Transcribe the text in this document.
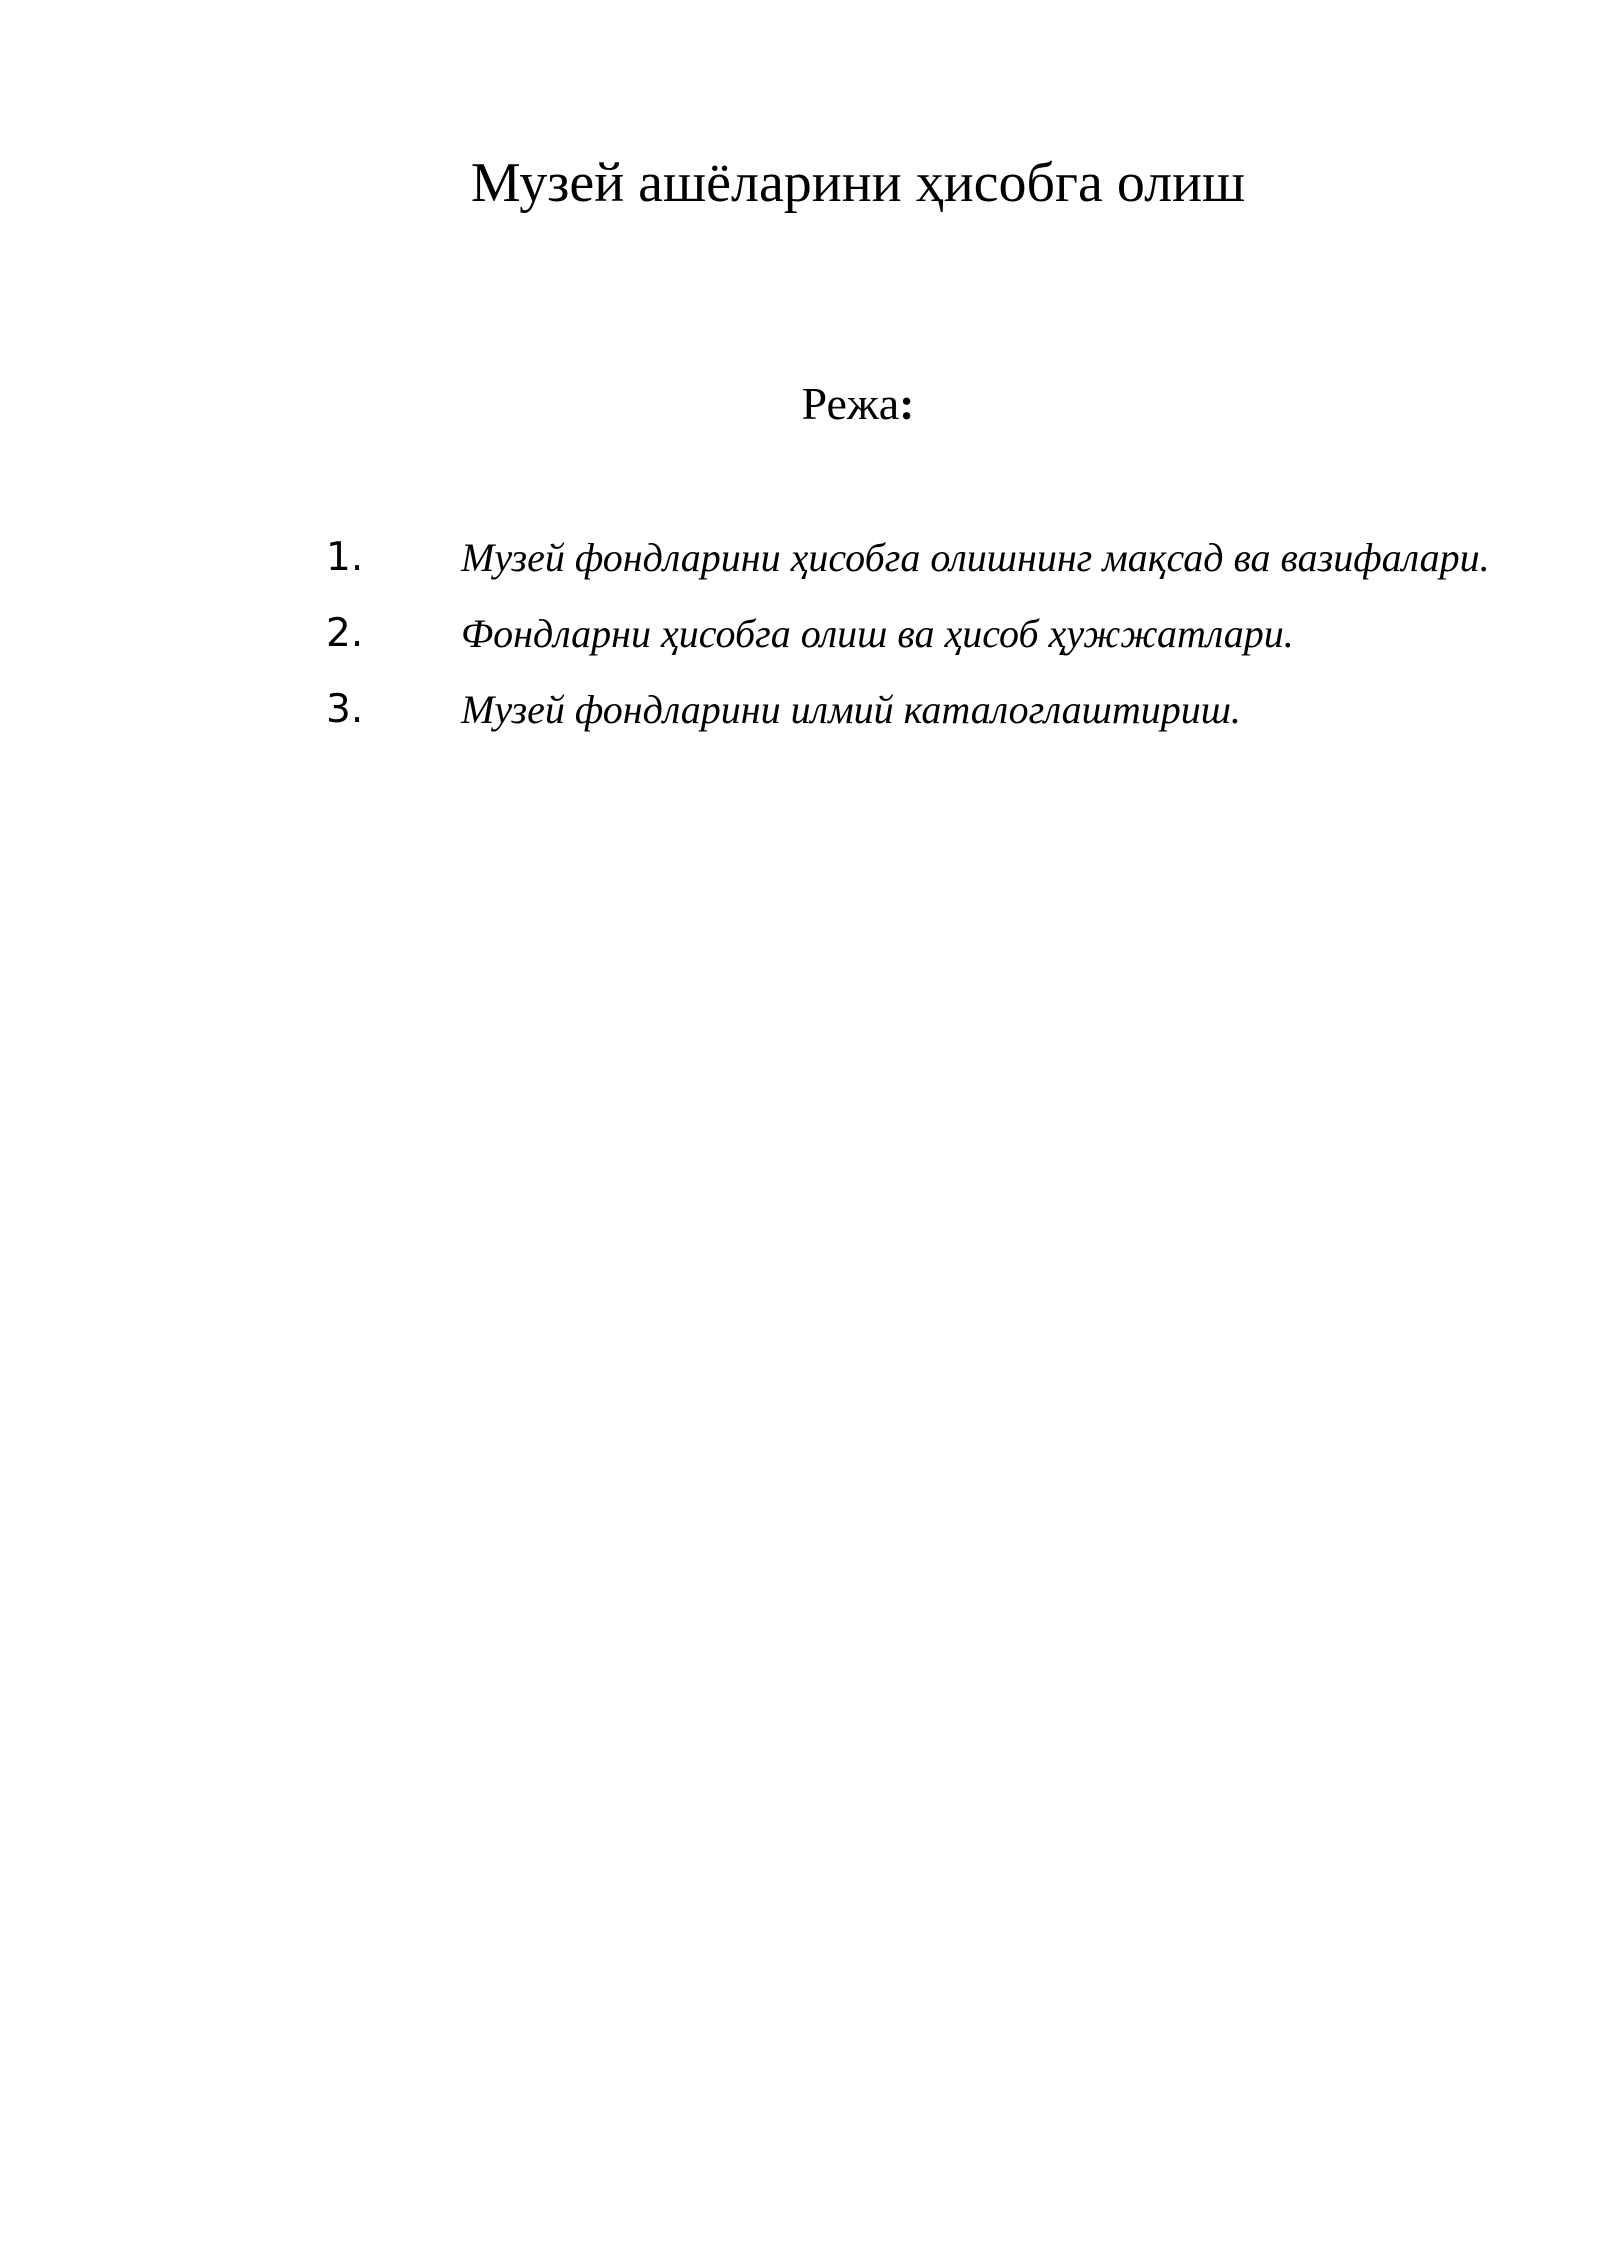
Музей ашёларини ҳисобга олиш
Режа:
1.	Музей фондларини ҳисобга олишнинг мақсад ва вазифалари.
2.	Фондларни ҳисобга олиш ва ҳисоб ҳужжатлари.
3.	Музей фондларини илмий каталоглаштириш.
